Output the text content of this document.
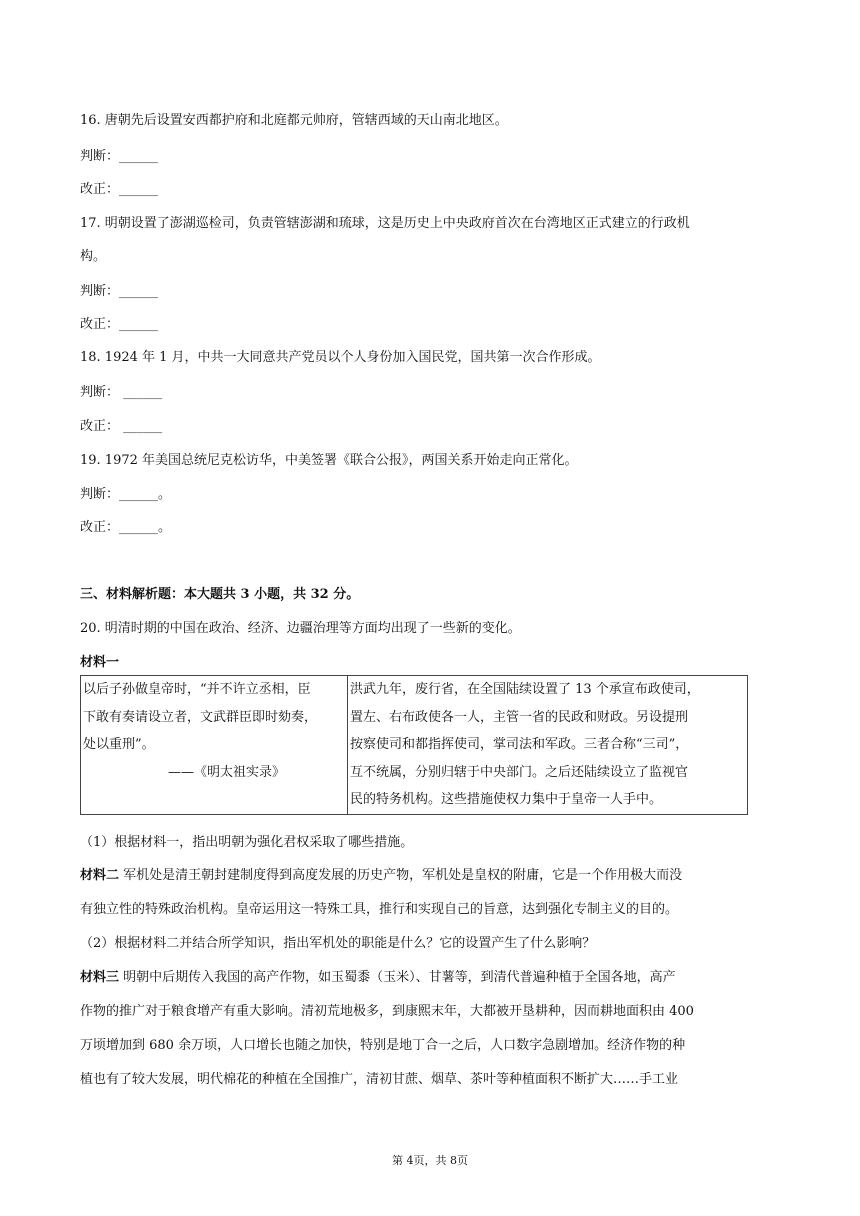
16. 唐朝先后设置安西都护府和北庭都元帅府，管辖西域的天山南北地区。
判断：______
改正：______
17. 明朝设置了澎湖巡检司，负责管辖澎湖和琉球，这是历史上中央政府首次在台湾地区正式建立的行政机
构。
判断：______
改正：______
18. 1924 年 1 月，中共一大同意共产党员以个人身份加入国民党，国共第一次合作形成。
判断： ______
改正： ______
19. 1972 年美国总统尼克松访华，中美签署《联合公报》，两国关系开始走向正常化。
判断：______。
改正：______。
三、材料解析题：本大题共 3 小题，共 32 分。
20. 明清时期的中国在政治、经济、边疆治理等方面均出现了一些新的变化。
材料一
以后子孙做皇帝时，“并不许立丞相，臣
下敢有奏请设立者，文武群臣即时劾奏，
处以重刑”。
——《明太祖实录》

洪武九年，废行省，在全国陆续设置了 13 个承宣布政使司，
置左、右布政使各一人，主管一省的民政和财政。另设提刑
按察使司和都指挥使司，掌司法和军政。三者合称“三司”，
互不统属，分别归辖于中央部门。之后还陆续设立了监视官
民的特务机构。这些措施使权力集中于皇帝一人手中。
（1）根据材料一，指出明朝为强化君权采取了哪些措施。
材料二 军机处是清王朝封建制度得到高度发展的历史产物，军机处是皇权的附庸，它是一个作用极大而没
有独立性的特殊政治机构。皇帝运用这一特殊工具，推行和实现自己的旨意，达到强化专制主义的目的。
（2）根据材料二并结合所学知识，指出军机处的职能是什么？它的设置产生了什么影响？
材料三 明朝中后期传入我国的高产作物，如玉蜀黍（玉米）、甘薯等，到清代普遍种植于全国各地，高产
作物的推广对于粮食增产有重大影响。清初荒地极多，到康熙末年，大都被开垦耕种，因而耕地面积由 400
万顷增加到 680 余万顷，人口增长也随之加快，特别是地丁合一之后，人口数字急剧增加。经济作物的种
植也有了较大发展，明代棉花的种植在全国推广，清初甘蔗、烟草、茶叶等种植面积不断扩大……手工业
第 4页，共 8页
